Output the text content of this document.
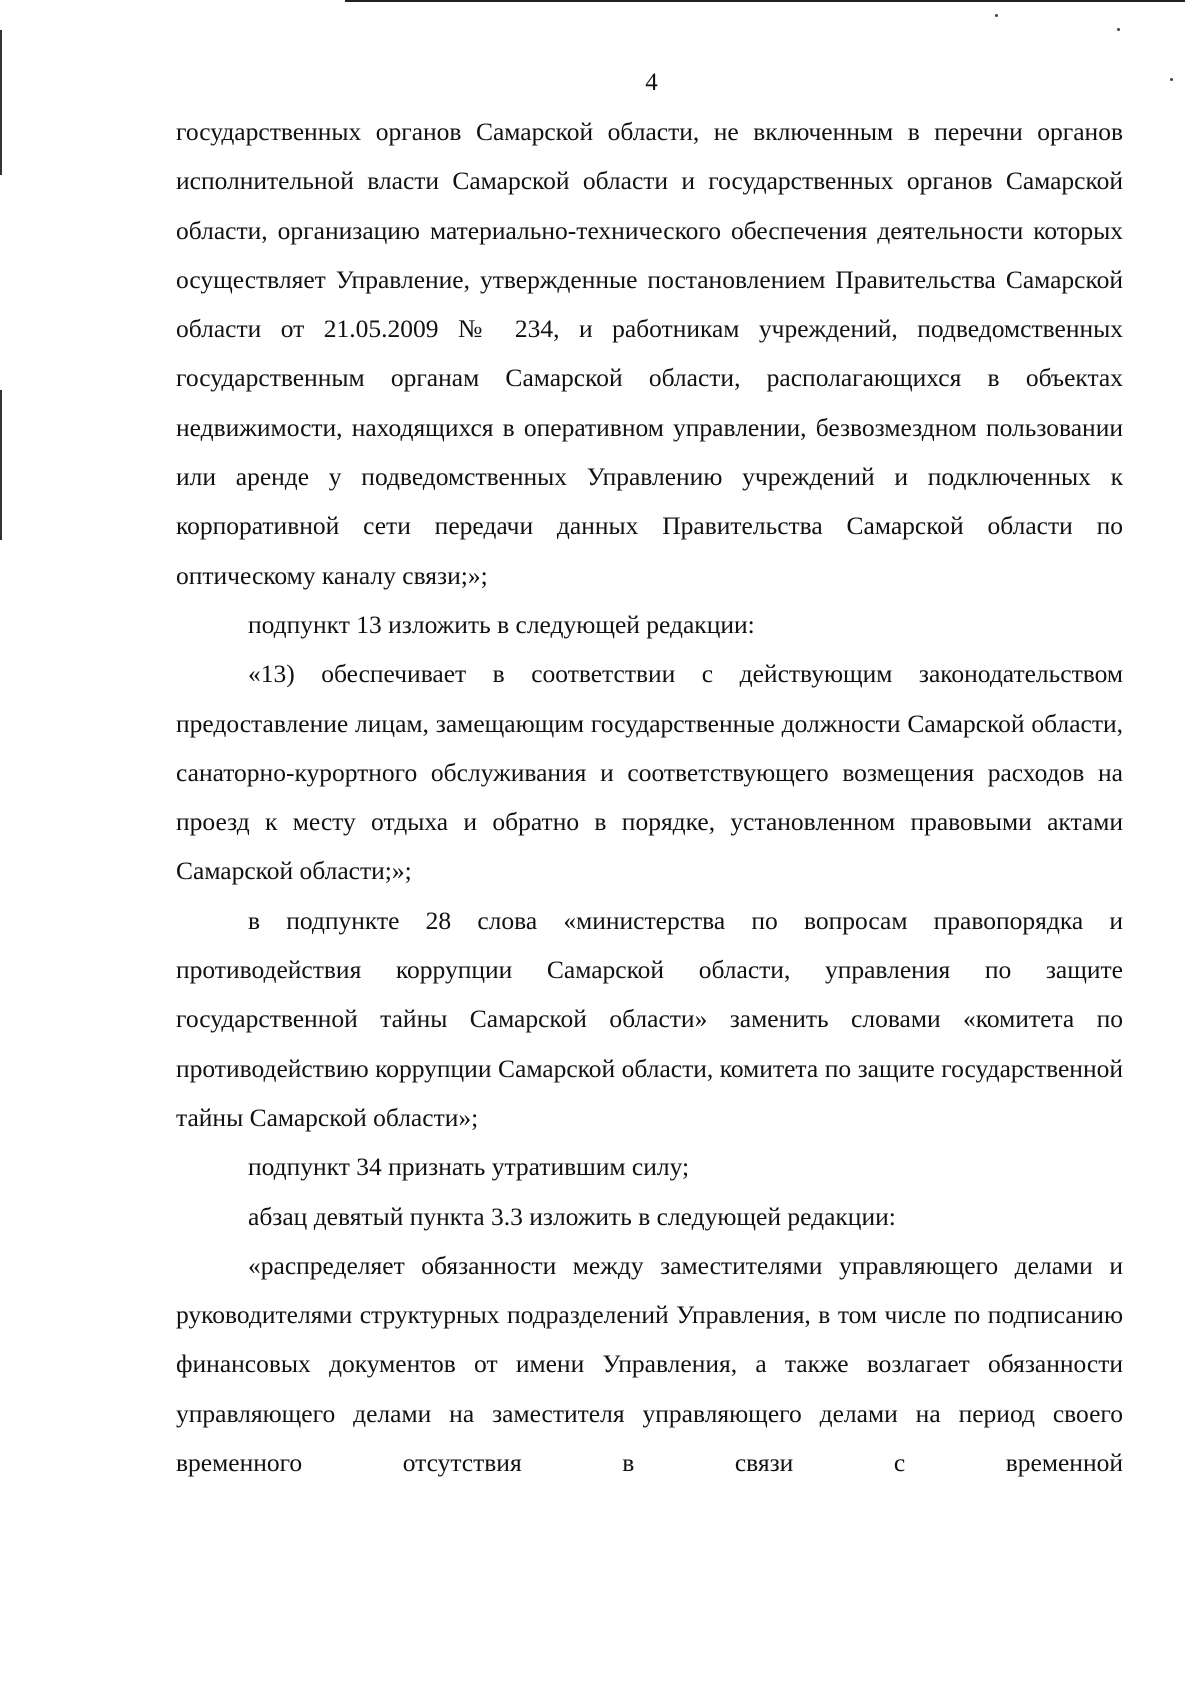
4

государственных органов Самарской области, не включенным в перечни органов исполнительной власти Самарской области и государственных органов Самарской области, организацию материально-технического обеспечения деятельности которых осуществляет Управление, утвержденные постановлением Правительства Самарской области от 21.05.2009 № 234, и работникам учреждений, подведомственных государственным органам Самарской области, располагающихся в объектах недвижимости, находящихся в оперативном управлении, безвозмездном пользовании или аренде у подведомственных Управлению учреждений и подключенных к корпоративной сети передачи данных Правительства Самарской области по оптическому каналу связи;»;

подпункт 13 изложить в следующей редакции:

«13) обеспечивает в соответствии с действующим законодательством предоставление лицам, замещающим государственные должности Самарской области, санаторно-курортного обслуживания и соответствующего возмещения расходов на проезд к месту отдыха и обратно в порядке, установленном правовыми актами Самарской области;»;

в подпункте 28 слова «министерства по вопросам правопорядка и противодействия коррупции Самарской области, управления по защите государственной тайны Самарской области» заменить словами «комитета по противодействию коррупции Самарской области, комитета по защите государственной тайны Самарской области»;

подпункт 34 признать утратившим силу;

абзац девятый пункта 3.3 изложить в следующей редакции:

«распределяет обязанности между заместителями управляющего делами и руководителями структурных подразделений Управления, в том числе по подписанию финансовых документов от имени Управления, а также возлагает обязанности управляющего делами на заместителя управляющего делами на период своего временного отсутствия в связи с временной
